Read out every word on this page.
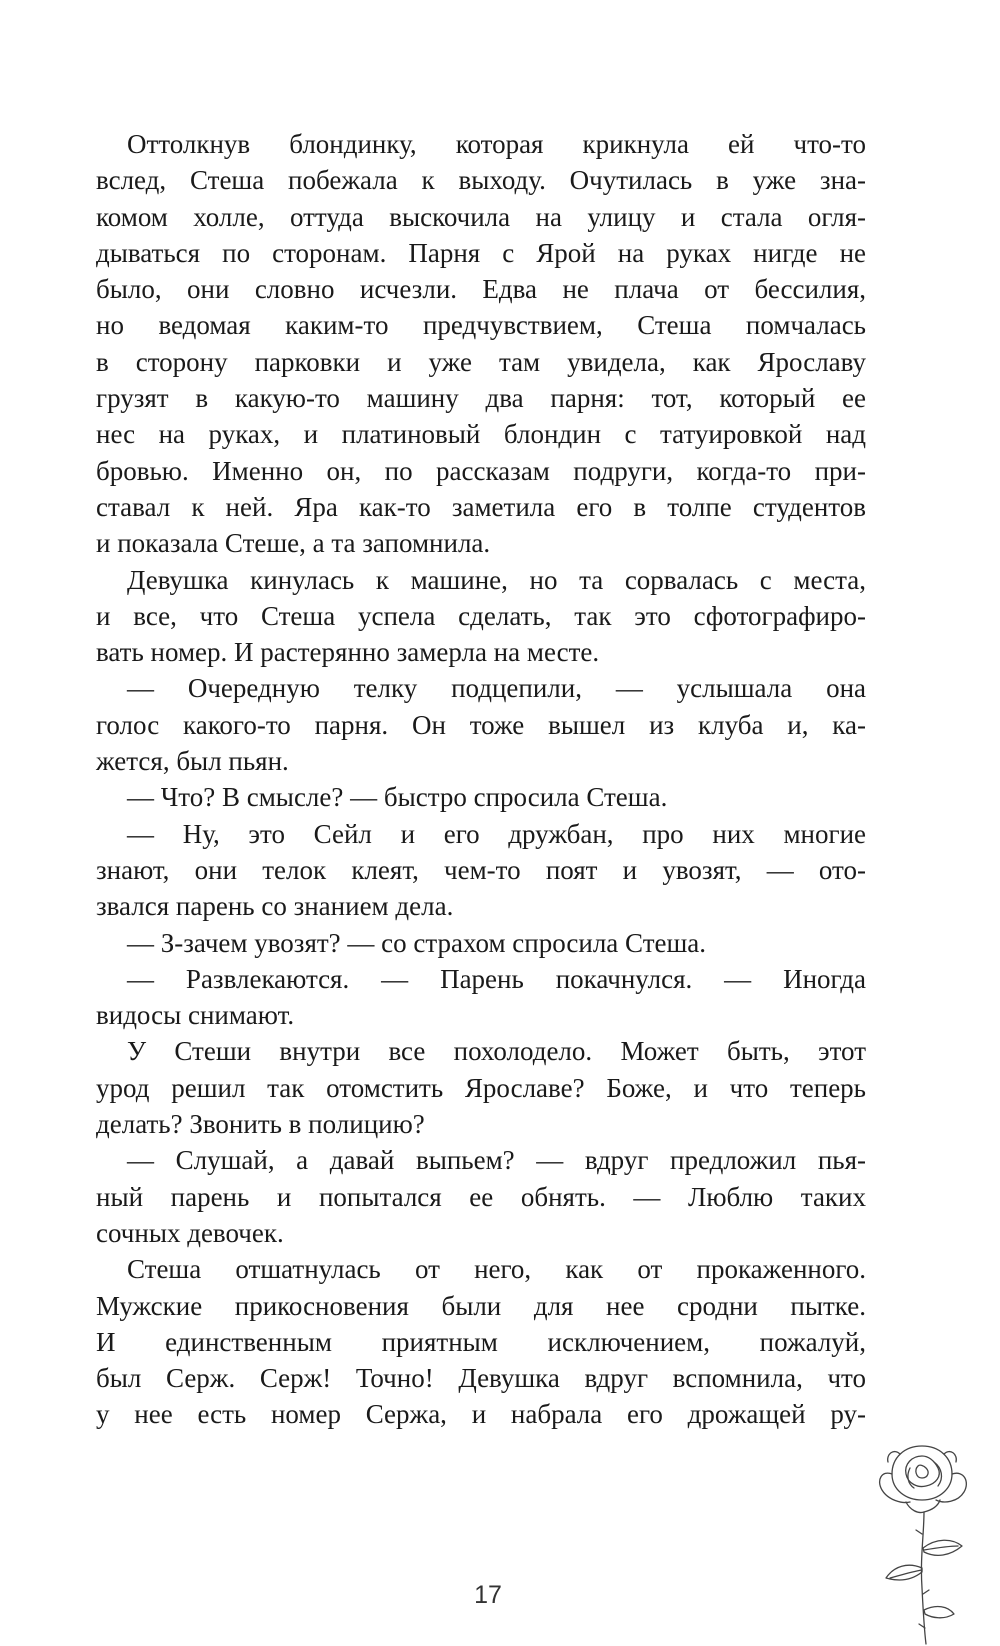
Оттолкнув блондинку, которая крикнула ей что-то
вслед, Стеша побежала к выходу. Очутилась в уже зна-
комом холле, оттуда выскочила на улицу и стала огля-
дываться по сторонам. Парня с Ярой на руках нигде не
было, они словно исчезли. Едва не плача от бессилия,
но ведомая каким-то предчувствием, Стеша помчалась
в сторону парковки и уже там увидела, как Ярославу
грузят в какую-то машину два парня: тот, который ее
нес на руках, и платиновый блондин с татуировкой над
бровью. Именно он, по рассказам подруги, когда-то при-
ставал к ней. Яра как-то заметила его в толпе студентов
и показала Стеше, а та запомнила.
Девушка кинулась к машине, но та сорвалась с места,
и все, что Стеша успела сделать, так это сфотографиро-
вать номер. И растерянно замерла на месте.
— Очередную телку подцепили, — услышала она
голос какого-то парня. Он тоже вышел из клуба и, ка-
жется, был пьян.
— Что? В смысле? — быстро спросила Стеша.
— Ну, это Сейл и его дружбан, про них многие
знают, они телок клеят, чем-то поят и увозят, — ото-
звался парень со знанием дела.
— З-зачем увозят? — со страхом спросила Стеша.
— Развлекаются. — Парень покачнулся. — Иногда
видосы снимают.
У Стеши внутри все похолодело. Может быть, этот
урод решил так отомстить Ярославе? Боже, и что теперь
делать? Звонить в полицию?
— Слушай, а давай выпьем? — вдруг предложил пья-
ный парень и попытался ее обнять. — Люблю таких
сочных девочек.
Стеша отшатнулась от него, как от прокаженного.
Мужские прикосновения были для нее сродни пытке.
И единственным приятным исключением, пожалуй,
был Серж. Серж! Точно! Девушка вдруг вспомнила, что
у нее есть номер Сержа, и набрала его дрожащей ру-
17
